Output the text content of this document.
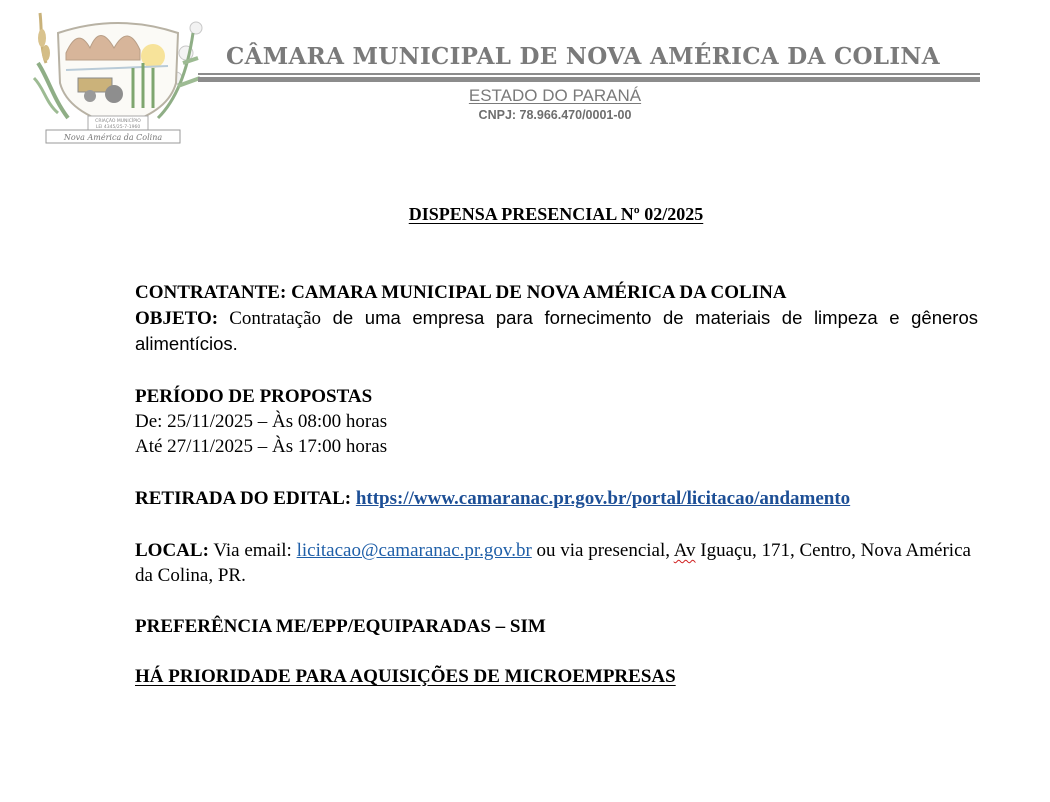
CRIAÇÃO MUNICÍPIO
LEI 4345/25-7-1960
Nova América da Colina
CÂMARA MUNICIPAL DE NOVA AMÉRICA DA COLINA
ESTADO DO PARANÁ
CNPJ: 78.966.470/0001-00
DISPENSA PRESENCIAL Nº 02/2025
CONTRATANTE: CAMARA MUNICIPAL DE NOVA AMÉRICA DA COLINA
OBJETO: Contratação de uma empresa para fornecimento de materiais de limpeza e gêneros alimentícios.
PERÍODO DE PROPOSTAS
De: 25/11/2025 – Às 08:00 horas
Até 27/11/2025 – Às 17:00 horas
RETIRADA DO EDITAL: https://www.camaranac.pr.gov.br/portal/licitacao/andamento
LOCAL: Via email: licitacao@camaranac.pr.gov.br ou via presencial, Av Iguaçu, 171, Centro, Nova América da Colina, PR.
PREFERÊNCIA ME/EPP/EQUIPARADAS – SIM
HÁ PRIORIDADE PARA AQUISIÇÕES DE MICROEMPRESAS
